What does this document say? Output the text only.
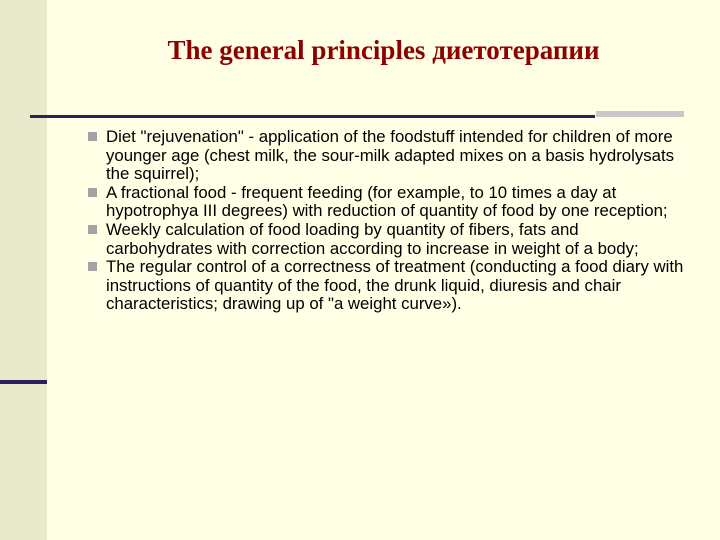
The general principles диетотерапии
Diet "rejuvenation" - application of the foodstuff intended for children of more younger age (chest milk, the sour-milk adapted mixes on a basis hydrolysats the squirrel);
A fractional food - frequent feeding (for example, to 10 times a day at hypotrophya III degrees) with reduction of quantity of food by one reception;
Weekly calculation of food loading by quantity of fibers, fats and carbohydrates with correction according to increase in weight of a body;
The regular control of a correctness of treatment (conducting a food diary with instructions of quantity of the food, the drunk liquid, diuresis and chair characteristics; drawing up of "a weight curve»).
